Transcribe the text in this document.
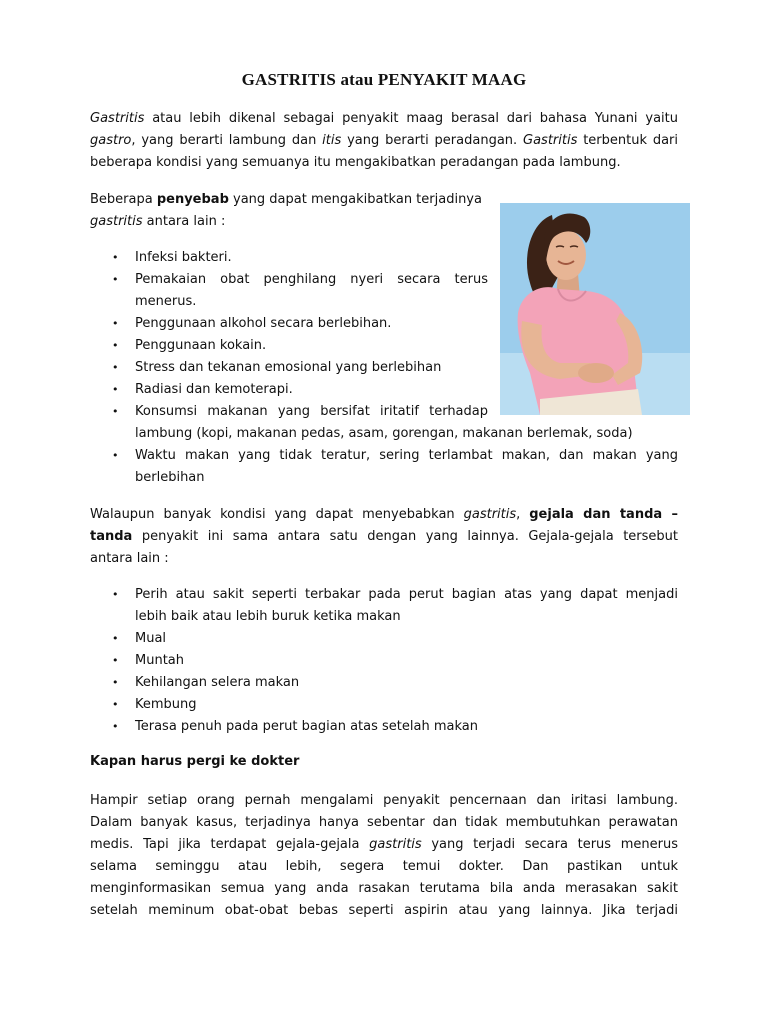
GASTRITIS atau PENYAKIT MAAG
Gastritis atau lebih dikenal sebagai penyakit maag berasal dari bahasa Yunani yaitu
gastro, yang berarti lambung dan itis yang berarti peradangan. Gastritis terbentuk dari
beberapa kondisi yang semuanya itu mengakibatkan peradangan pada lambung.
Beberapa penyebab yang dapat mengakibatkan terjadinya
gastritis antara lain :
• Infeksi bakteri.
• Pemakaian obat penghilang nyeri secara terus
menerus.
• Penggunaan alkohol secara berlebihan.
• Penggunaan kokain.
• Stress dan tekanan emosional yang berlebihan
• Radiasi dan kemoterapi.
• Konsumsi makanan yang bersifat iritatif terhadap
lambung (kopi, makanan pedas, asam, gorengan, makanan berlemak, soda)
• Waktu makan yang tidak teratur, sering terlambat makan, dan makan yang
berlebihan
Walaupun banyak kondisi yang dapat menyebabkan gastritis, gejala dan tanda –
tanda penyakit ini sama antara satu dengan yang lainnya. Gejala-gejala tersebut
antara lain :
• Perih atau sakit seperti terbakar pada perut bagian atas yang dapat menjadi
lebih baik atau lebih buruk ketika makan
• Mual
• Muntah
• Kehilangan selera makan
• Kembung
• Terasa penuh pada perut bagian atas setelah makan
Kapan harus pergi ke dokter
Hampir setiap orang pernah mengalami penyakit pencernaan dan iritasi lambung.
Dalam banyak kasus, terjadinya hanya sebentar dan tidak membutuhkan perawatan
medis. Tapi jika terdapat gejala-gejala gastritis yang terjadi secara terus menerus
selama seminggu atau lebih, segera temui dokter. Dan pastikan untuk
menginformasikan semua yang anda rasakan terutama bila anda merasakan sakit
setelah meminum obat-obat bebas seperti aspirin atau yang lainnya. Jika terjadi
